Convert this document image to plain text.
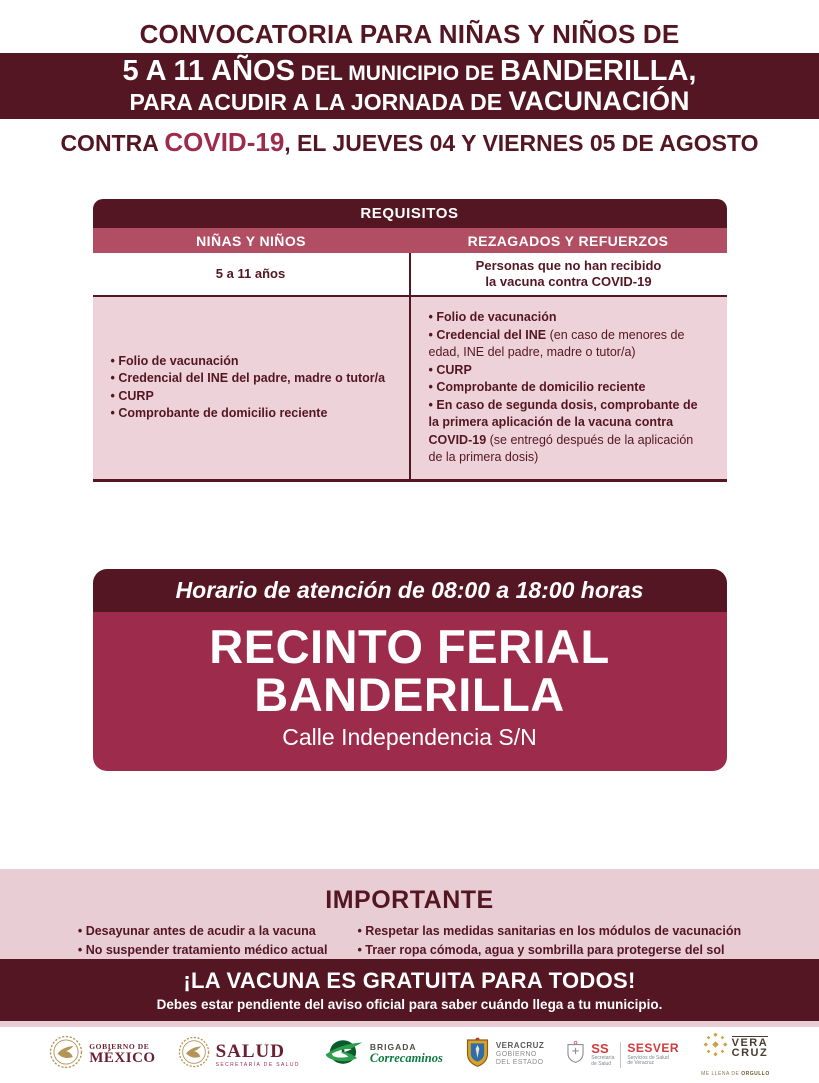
CONVOCATORIA PARA NIÑAS Y NIÑOS DE
5 A 11 AÑOS DEL MUNICIPIO DE BANDERILLA,
PARA ACUDIR A LA JORNADA DE VACUNACIÓN
CONTRA COVID-19, EL JUEVES 04 Y VIERNES 05 DE AGOSTO
REQUISITOS
NIÑAS Y NIÑOS	REZAGADOS Y REFUERZOS
5 a 11 años
Personas que no han recibido
la vacuna contra COVID-19
• Folio de vacunación
• Credencial del INE del padre, madre o tutor/a
• CURP
• Comprobante de domicilio reciente
• Folio de vacunación
• Credencial del INE (en caso de menores de edad, INE del padre, madre o tutor/a)
• CURP
• Comprobante de domicilio reciente
• En caso de segunda dosis, comprobante de la primera aplicación de la vacuna contra COVID-19 (se entregó después de la aplicación de la primera dosis)
Horario de atención de 08:00 a 18:00 horas
RECINTO FERIAL
BANDERILLA
Calle Independencia S/N
IMPORTANTE
• Desayunar antes de acudir a la vacuna
• No suspender tratamiento médico actual
• Respetar las medidas sanitarias en los módulos de vacunación
• Traer ropa cómoda, agua y sombrilla para protegerse del sol
¡LA VACUNA ES GRATUITA PARA TODOS!
Debes estar pendiente del aviso oficial para saber cuándo llega a tu municipio.
GOBIERNO DE
MÉXICO	SALUD
SECRETARÍA DE SALUD
BRIGADA
Correcaminos
VERACRUZ
GOBIERNO
DEL ESTADO
SS
Secretaría
de Salud
SESVER
Servicios de Salud
de Veracruz
VERA
CRUZ
ME LLENA DE ORGULLO
